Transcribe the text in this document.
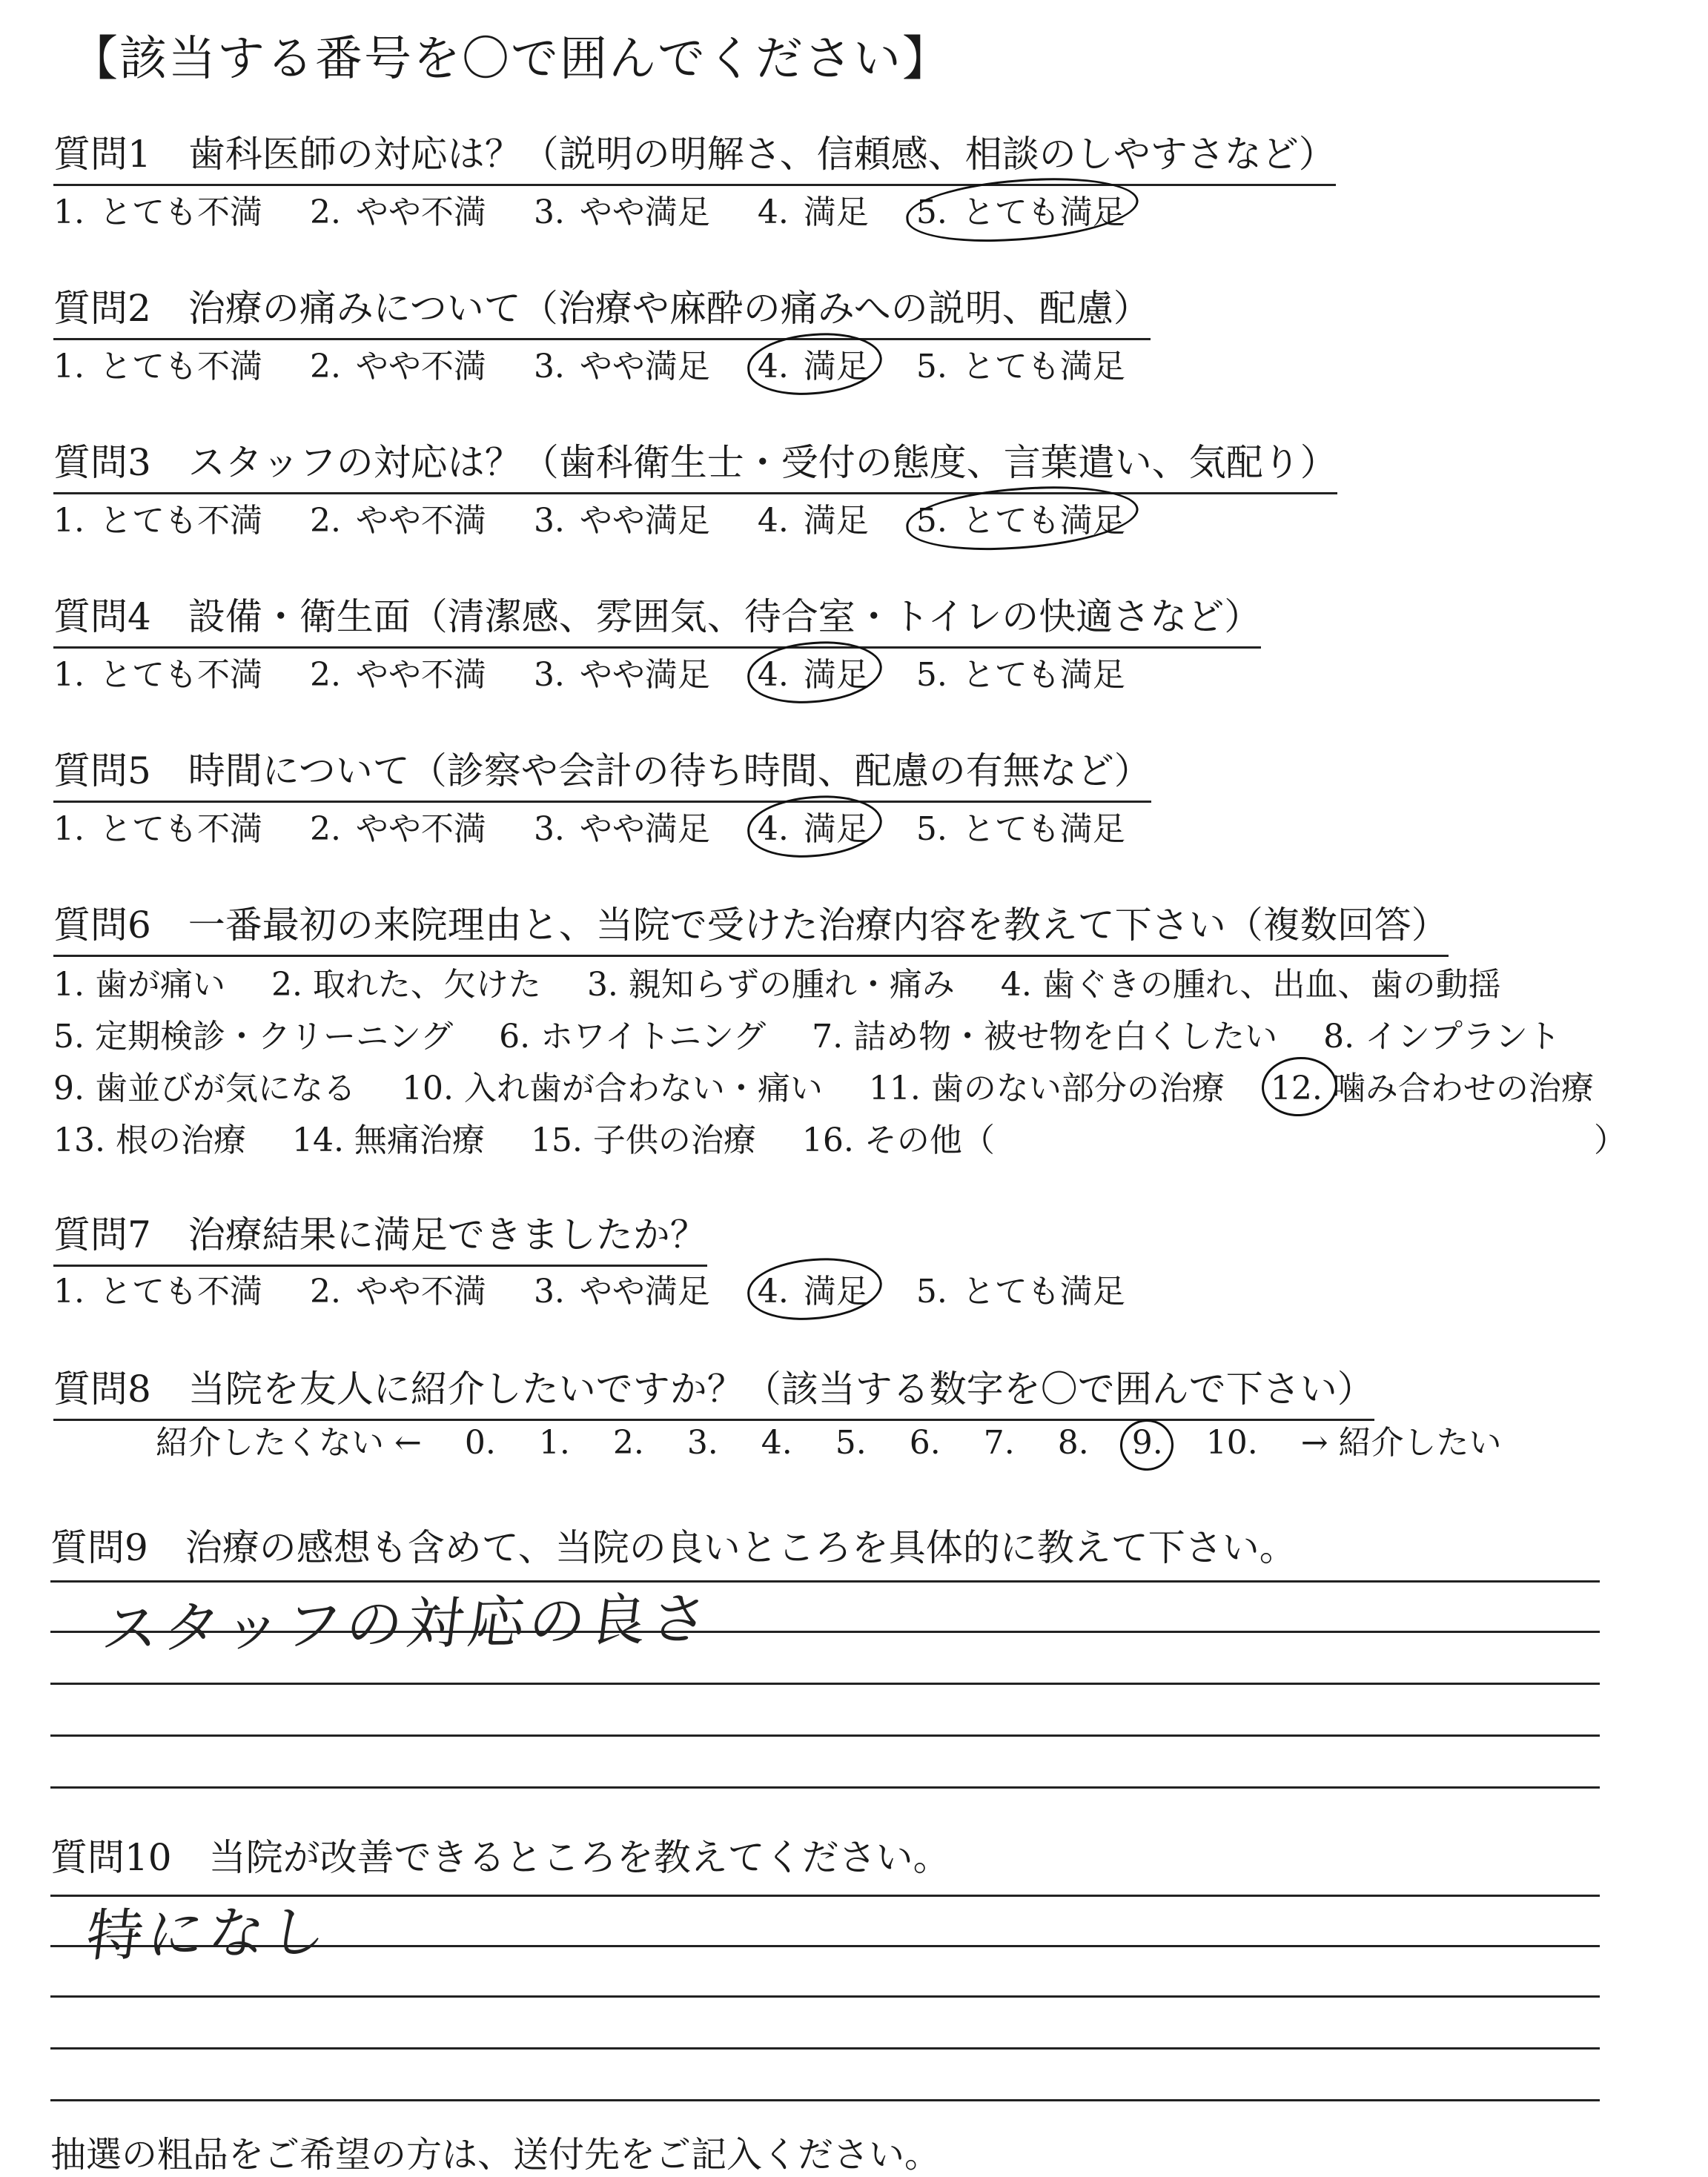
【該当する番号を〇で囲んでください】
質問1　歯科医師の対応は？（説明の明解さ、信頼感、相談のしやすさなど）
1. とても不満 2. やや不満 3. やや満足 4. 満足 5. とても満足
質問2　治療の痛みについて（治療や麻酔の痛みへの説明、配慮）
1. とても不満 2. やや不満 3. やや満足 4. 満足 5. とても満足
質問3　スタッフの対応は？（歯科衛生士・受付の態度、言葉遣い、気配り）
1. とても不満 2. やや不満 3. やや満足 4. 満足 5. とても満足
質問4　設備・衛生面（清潔感、雰囲気、待合室・トイレの快適さなど）
1. とても不満 2. やや不満 3. やや満足 4. 満足 5. とても満足
質問5　時間について（診察や会計の待ち時間、配慮の有無など）
1. とても不満 2. やや不満 3. やや満足 4. 満足 5. とても満足
質問6　一番最初の来院理由と、当院で受けた治療内容を教えて下さい（複数回答）
1. 歯が痛い 2. 取れた、欠けた 3. 親知らずの腫れ・痛み 4. 歯ぐきの腫れ、出血、歯の動揺
5. 定期検診・クリーニング 6. ホワイトニング 7. 詰め物・被せ物を白くしたい 8. インプラント
9. 歯並びが気になる 10. 入れ歯が合わない・痛い 11. 歯のない部分の治療 12. 噛み合わせの治療
13. 根の治療 14. 無痛治療 15. 子供の治療 16. その他（	）
質問7　治療結果に満足できましたか？
1. とても不満 2. やや不満 3. やや満足 4. 満足 5. とても満足
質問8　当院を友人に紹介したいですか？（該当する数字を〇で囲んで下さい）
紹介したくない ← 0. 1. 2. 3. 4. 5. 6. 7. 8. 9. 10. → 紹介したい
質問9　治療の感想も含めて、当院の良いところを具体的に教えて下さい。
スタッフの対応の良さ
質問10　当院が改善できるところを教えてください。
特になし
抽選の粗品をご希望の方は、送付先をご記入ください。
